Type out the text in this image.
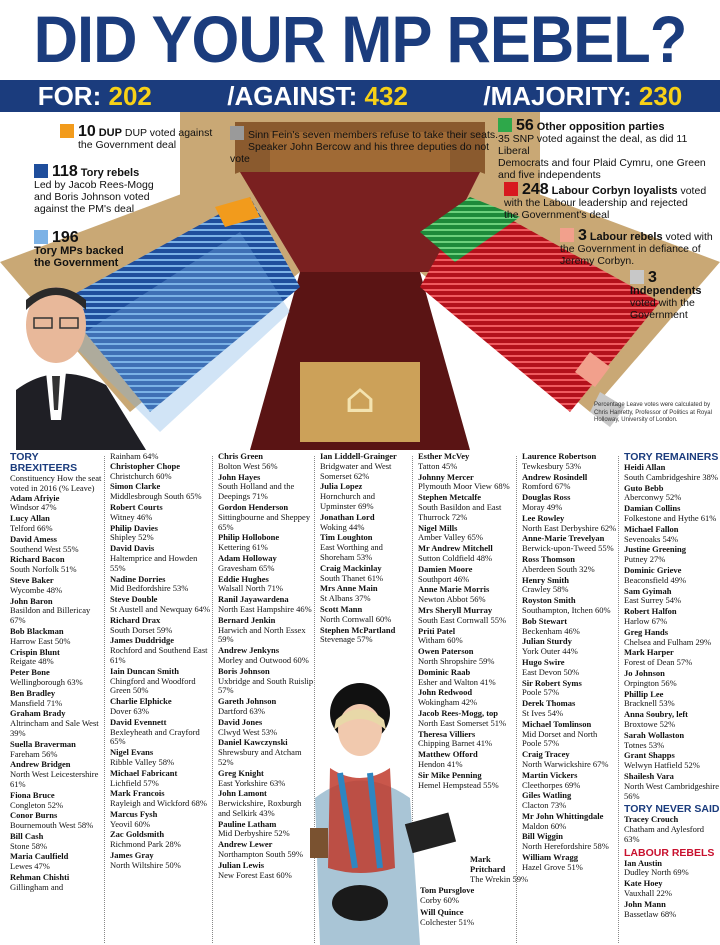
DID YOUR MP REBEL?
FOR: 202	/AGAINST: 432	/MAJORITY: 230
⌂
10 DUP DUP voted against
the Government deal
Sinn Fein's seven members refuse to take their seats.
Speaker John Bercow and his three deputies do not vote
56 Other opposition parties
35 SNP voted against the deal, as did 11 Liberal
Democrats and four Plaid Cymru, one Green
and five independents
118 Tory rebels
Led by Jacob Rees-Mogg
and Boris Johnson voted
against the PM's deal
196
Tory MPs backed
the Government
248 Labour Corbyn loyalists voted
with the Labour leadership and rejected
the Government's deal
3 Labour rebels voted with
the Government in defiance of
Jeremy Corbyn.
3
Independents
voted with the
Government
Percentage Leave votes were calculated by Chris Hanretty, Professor of Politics at Royal Holloway, University of London.
TORY BREXITEERS
Constituency How the seat voted in 2016 (% Leave)
Adam Afriyie
Windsor 47%
Lucy Allan
Telford 66%
David Amess
Southend West 55%
Richard Bacon
South Norfolk 51%
Steve Baker
Wycombe 48%
John Baron
Basildon and Billericay 67%
Bob Blackman
Harrow East 50%
Crispin Blunt
Reigate 48%
Peter Bone
Wellingborough 63%
Ben Bradley
Mansfield 71%
Graham Brady
Altrincham and Sale West 39%
Suella Braverman
Fareham 56%
Andrew Bridgen
North West Leicestershire 61%
Fiona Bruce
Congleton 52%
Conor Burns
Bournemouth West 58%
Bill Cash
Stone 58%
Maria Caulfield
Lewes 47%
Rehman Chishti
Gillingham and
Rainham 64%
Christopher Chope
Christchurch 60%
Simon Clarke
Middlesbrough South 65%
Robert Courts
Witney 46%
Philip Davies
Shipley 52%
David Davis
Haltemprice and Howden 55%
Nadine Dorries
Mid Bedfordshire 53%
Steve Double
St Austell and Newquay 64%
Richard Drax
South Dorset 59%
James Duddridge
Rochford and Southend East 61%
Iain Duncan Smith
Chingford and Woodford Green 50%
Charlie Elphicke
Dover 63%
David Evennett
Bexleyheath and Crayford 65%
Nigel Evans
Ribble Valley 58%
Michael Fabricant
Lichfield 57%
Mark Francois
Rayleigh and Wickford 68%
Marcus Fysh
Yeovil 60%
Zac Goldsmith
Richmond Park 28%
James Gray
North Wiltshire 50%
Chris Green
Bolton West 56%
John Hayes
South Holland and the Deepings 71%
Gordon Henderson
Sittingbourne and Sheppey 65%
Philip Hollobone
Kettering 61%
Adam Holloway
Gravesham 65%
Eddie Hughes
Walsall North 71%
Ranil Jayawardena
North East Hampshire 46%
Bernard Jenkin
Harwich and North Essex 59%
Andrew Jenkyns
Morley and Outwood 60%
Boris Johnson
Uxbridge and South Ruislip 57%
Gareth Johnson
Dartford 63%
David Jones
Clwyd West 53%
Daniel Kawczynski
Shrewsbury and Atcham 52%
Greg Knight
East Yorkshire 63%
John Lamont
Berwickshire, Roxburgh and Selkirk 43%
Pauline Latham
Mid Derbyshire 52%
Andrew Lewer
Northampton South 59%
Julian Lewis
New Forest East 60%
Ian Liddell-Grainger
Bridgwater and West Somerset 62%
Julia Lopez
Hornchurch and Upminster 69%
Jonathan Lord
Woking 44%
Tim Loughton
East Worthing and Shoreham 53%
Craig Mackinlay
South Thanet 61%
Mrs Anne Main
St Albans 37%
Scott Mann
North Cornwall 60%
Stephen McPartland
Stevenage 57%
Esther McVey
Tatton 45%
Johnny Mercer
Plymouth Moor View 68%
Stephen Metcalfe
South Basildon and East Thurrock 72%
Nigel Mills
Amber Valley 65%
Mr Andrew Mitchell
Sutton Coldfield 48%
Damien Moore
Southport 46%
Anne Marie Morris
Newton Abbot 56%
Mrs Sheryll Murray
South East Cornwall 55%
Priti Patel
Witham 60%
Owen Paterson
North Shropshire 59%
Dominic Raab
Esher and Walton 41%
John Redwood
Wokingham 42%
Jacob Rees-Mogg, top
North East Somerset 51%
Theresa Villiers
Chipping Barnet 41%
Matthew Offord
Hendon 41%
Sir Mike Penning
Hemel Hempstead 55%
Laurence Robertson
Tewkesbury 53%
Andrew Rosindell
Romford 67%
Douglas Ross
Moray 49%
Lee Rowley
North East Derbyshire 62%
Anne-Marie Trevelyan
Berwick-upon-Tweed 55%
Ross Thomson
Aberdeen South 32%
Henry Smith
Crawley 58%
Royston Smith
Southampton, Itchen 60%
Bob Stewart
Beckenham 46%
Julian Sturdy
York Outer 44%
Hugo Swire
East Devon 50%
Sir Robert Syms
Poole 57%
Derek Thomas
St Ives 54%
Michael Tomlinson
Mid Dorset and North Poole 57%
Craig Tracey
North Warwickshire 67%
Martin Vickers
Cleethorpes 69%
Giles Watling
Clacton 73%
Mr John Whittingdale
Maldon 60%
Bill Wiggin
North Herefordshire 58%
William Wragg
Hazel Grove 51%
TORY REMAINERS
Heidi Allan
South Cambridgeshire 38%
Guto Bebb
Aberconwy 52%
Damian Collins
Folkestone and Hythe 61%
Michael Fallon
Sevenoaks 54%
Justine Greening
Putney 27%
Dominic Grieve
Beaconsfield 49%
Sam Gyimah
East Surrey 54%
Robert Halfon
Harlow 67%
Greg Hands
Chelsea and Fulham 29%
Mark Harper
Forest of Dean 57%
Jo Johnson
Orpington 56%
Phillip Lee
Bracknell 53%
Anna Soubry, left
Broxtowe 52%
Sarah Wollaston
Totnes 53%
Grant Shapps
Welwyn Hatfield 52%
Shailesh Vara
North West Cambridgeshire 56%
TORY NEVER SAID
Tracey Crouch
Chatham and Aylesford 63%
LABOUR REBELS
Ian Austin
Dudley North 69%
Kate Hoey
Vauxhall 22%
John Mann
Bassetlaw 68%
Mark
Pritchard
The Wrekin 59%
Tom Pursglove
Corby 60%
Will Quince
Colchester 51%
